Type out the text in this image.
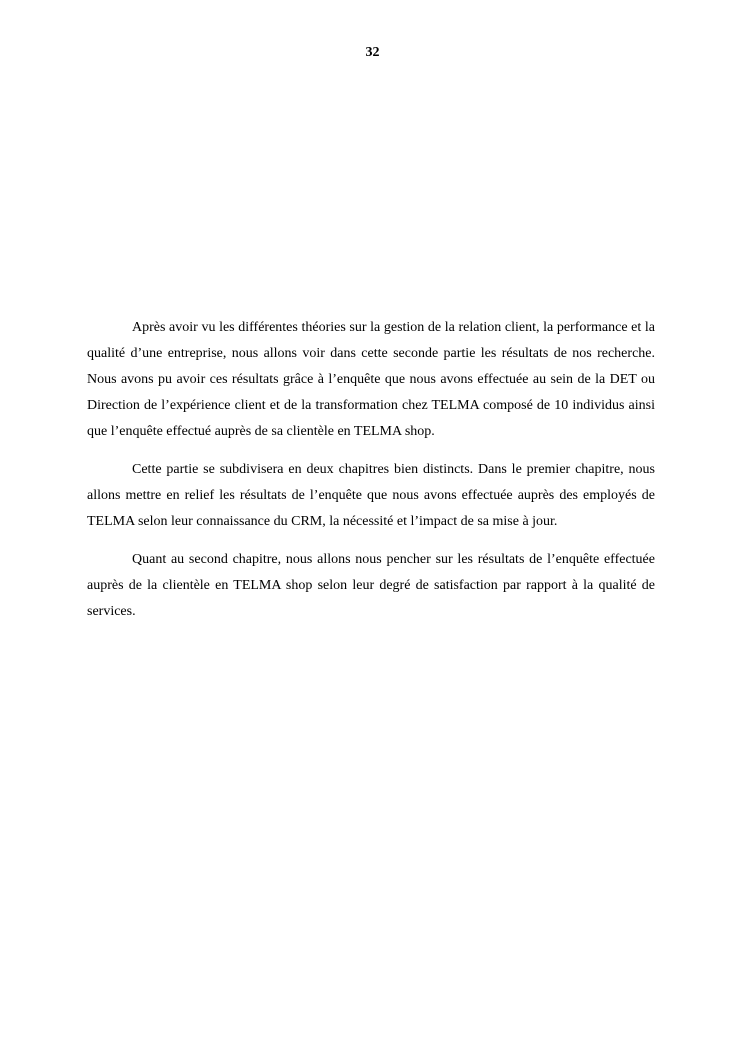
32

Après avoir vu les différentes théories sur la gestion de la relation client, la performance et la qualité d’une entreprise, nous allons voir dans cette seconde partie les résultats de nos recherche. Nous avons pu avoir ces résultats grâce à l’enquête que nous avons effectuée au sein de la DET ou Direction de l’expérience client et de la transformation chez TELMA composé de 10 individus ainsi que l’enquête effectué auprès de sa clientèle en TELMA shop.

Cette partie se subdivisera en deux chapitres bien distincts. Dans le premier chapitre, nous allons mettre en relief les résultats de l’enquête que nous avons effectuée auprès des employés de TELMA selon leur connaissance du CRM, la nécessité et l’impact de sa mise à jour.

Quant au second chapitre, nous allons nous pencher sur les résultats de l’enquête effectuée auprès de la clientèle en TELMA shop selon leur degré de satisfaction par rapport à la qualité de services.
